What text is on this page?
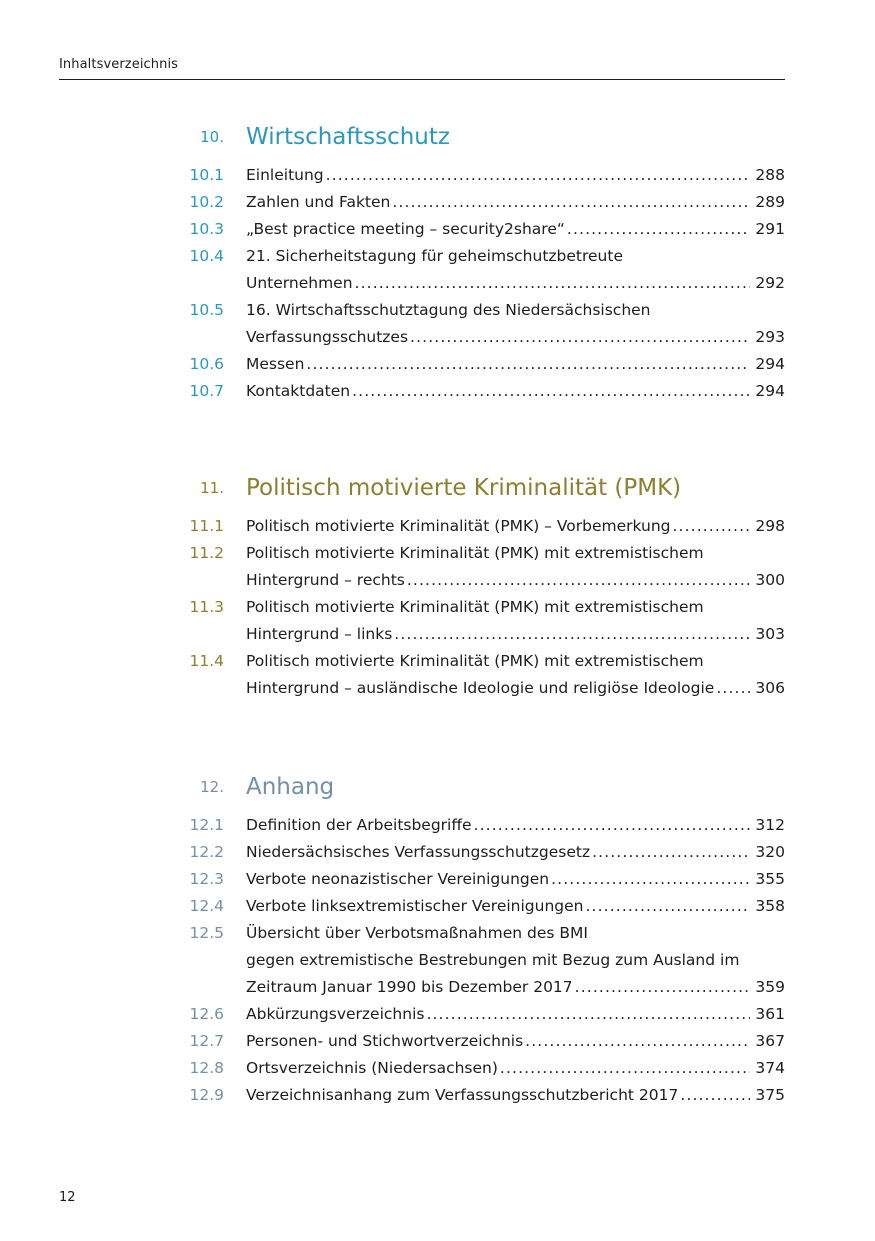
Inhaltsverzeichnis
10. Wirtschaftsschutz
10.1 Einleitung . . .	288
10.2 Zahlen und Fakten . . .	289
10.3 „Best practice meeting – security2share“ . . .	291
10.4 21. Sicherheitstagung für geheimschutzbetreute
Unternehmen . . .	292
10.5 16. Wirtschaftsschutztagung des Niedersächsischen
Verfassungsschutzes . . .	293
10.6 Messen . . .	294
10.7 Kontaktdaten . . .	294
11. Politisch motivierte Kriminalität (PMK)
11.1 Politisch motivierte Kriminalität (PMK) – Vorbemerkung . . .	298
11.2 Politisch motivierte Kriminalität (PMK) mit extremistischem
Hintergrund – rechts . . .	300
11.3 Politisch motivierte Kriminalität (PMK) mit extremistischem
Hintergrund – links . . .	303
11.4 Politisch motivierte Kriminalität (PMK) mit extremistischem
Hintergrund – ausländische Ideologie und religiöse Ideologie . . .	306
12. Anhang
12.1 Definition der Arbeitsbegriffe . . .	312
12.2 Niedersächsisches Verfassungsschutzgesetz . . .	320
12.3 Verbote neonazistischer Vereinigungen . . .	355
12.4 Verbote linksextremistischer Vereinigungen . . .	358
12.5 Übersicht über Verbotsmaßnahmen des BMI
gegen extremistische Bestrebungen mit Bezug zum Ausland im
Zeitraum Januar 1990 bis Dezember 2017 . . .	359
12.6 Abkürzungsverzeichnis . . .	361
12.7 Personen- und Stichwortverzeichnis . . .	367
12.8 Ortsverzeichnis (Niedersachsen) . . .	374
12.9 Verzeichnisanhang zum Verfassungsschutzbericht 2017 . . .	375
12
